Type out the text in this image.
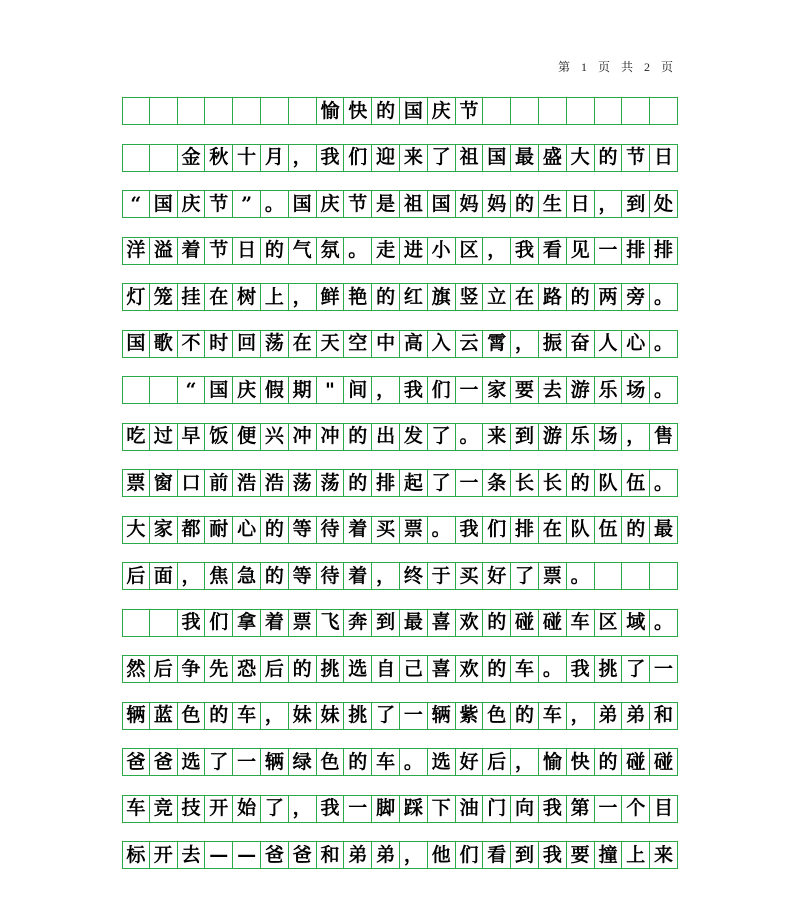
第 1 页 共 2 页
愉 快 的 国 庆 节
金 秋 十 月 ， 我 们 迎 来 了 祖 国 最 盛 大 的 节 日
“ 国 庆 节 ” 。 国 庆 节 是 祖 国 妈 妈 的 生 日 ， 到 处
洋 溢 着 节 日 的 气 氛 。 走 进 小 区 ， 我 看 见 一 排 排
灯 笼 挂 在 树 上 ， 鲜 艳 的 红 旗 竖 立 在 路 的 两 旁 。
国 歌 不 时 回 荡 在 天 空 中 高 入 云 霄 ， 振 奋 人 心 。
“ 国 庆 假 期 " 间 ， 我 们 一 家 要 去 游 乐 场 。
吃 过 早 饭 便 兴 冲 冲 的 出 发 了 。 来 到 游 乐 场 ， 售
票 窗 口 前 浩 浩 荡 荡 的 排 起 了 一 条 长 长 的 队 伍 。
大 家 都 耐 心 的 等 待 着 买 票 。 我 们 排 在 队 伍 的 最
后 面 ， 焦 急 的 等 待 着 ， 终 于 买 好 了 票 。
我 们 拿 着 票 飞 奔 到 最 喜 欢 的 碰 碰 车 区 域 。
然 后 争 先 恐 后 的 挑 选 自 己 喜 欢 的 车 。 我 挑 了 一
辆 蓝 色 的 车 ， 妹 妹 挑 了 一 辆 紫 色 的 车 ， 弟 弟 和
爸 爸 选 了 一 辆 绿 色 的 车 。 选 好 后 ， 愉 快 的 碰 碰
车 竞 技 开 始 了 ， 我 一 脚 踩 下 油 门 向 我 第 一 个 目
标 开 去 — — 爸 爸 和 弟 弟 ， 他 们 看 到 我 要 撞 上 来
